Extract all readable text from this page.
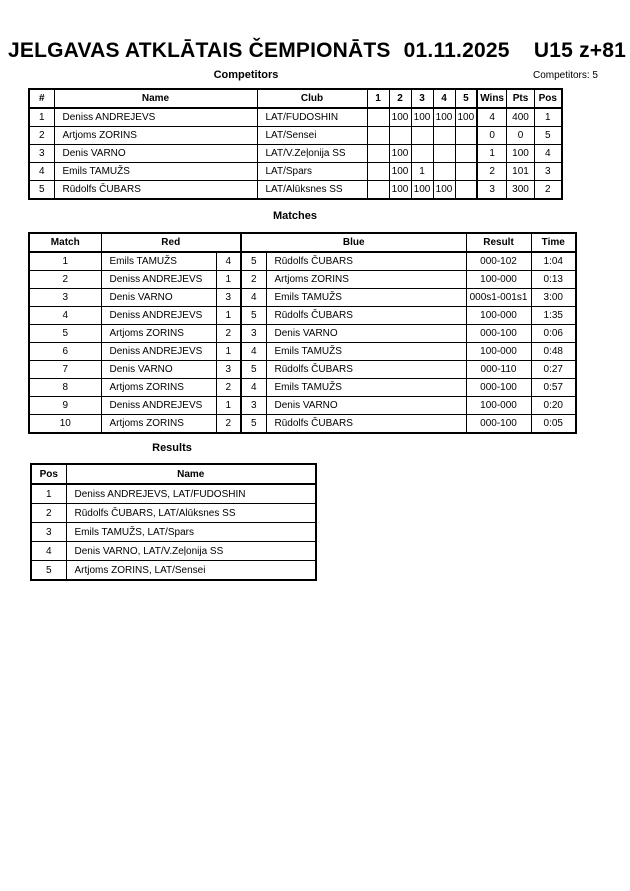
JELGAVAS ATKLĀTAIS ČEMPIONĀTS 01.11.2025 U15 z+81
Competitors	Competitors: 5
#	Name	Club	1	2	3	4	5	Wins	Pts	Pos
1	Deniss ANDREJEVS	LAT/FUDOSHIN		100	100	100	100	4	400	1
2	Artjoms ZORINS	LAT/Sensei						0	0	5
3	Denis VARNO	LAT/V.Zeļonija SS		100				1	100	4
4	Emils TAMUŽS	LAT/Spars		100	1			2	101	3
5	Rūdolfs ČUBARS	LAT/Alūksnes SS		100	100	100		3	300	2
Matches
Match	Red		Blue		Result	Time
1	Emils TAMUŽS	4	5	Rūdolfs ČUBARS	000-102	1:04
2	Deniss ANDREJEVS	1	2	Artjoms ZORINS	100-000	0:13
3	Denis VARNO	3	4	Emils TAMUŽS	000s1-001s1	3:00
4	Deniss ANDREJEVS	1	5	Rūdolfs ČUBARS	100-000	1:35
5	Artjoms ZORINS	2	3	Denis VARNO	000-100	0:06
6	Deniss ANDREJEVS	1	4	Emils TAMUŽS	100-000	0:48
7	Denis VARNO	3	5	Rūdolfs ČUBARS	000-110	0:27
8	Artjoms ZORINS	2	4	Emils TAMUŽS	000-100	0:57
9	Deniss ANDREJEVS	1	3	Denis VARNO	100-000	0:20
10	Artjoms ZORINS	2	5	Rūdolfs ČUBARS	000-100	0:05
Results
Pos	Name
1	Deniss ANDREJEVS, LAT/FUDOSHIN
2	Rūdolfs ČUBARS, LAT/Alūksnes SS
3	Emils TAMUŽS, LAT/Spars
4	Denis VARNO, LAT/V.Zeļonija SS
5	Artjoms ZORINS, LAT/Sensei
